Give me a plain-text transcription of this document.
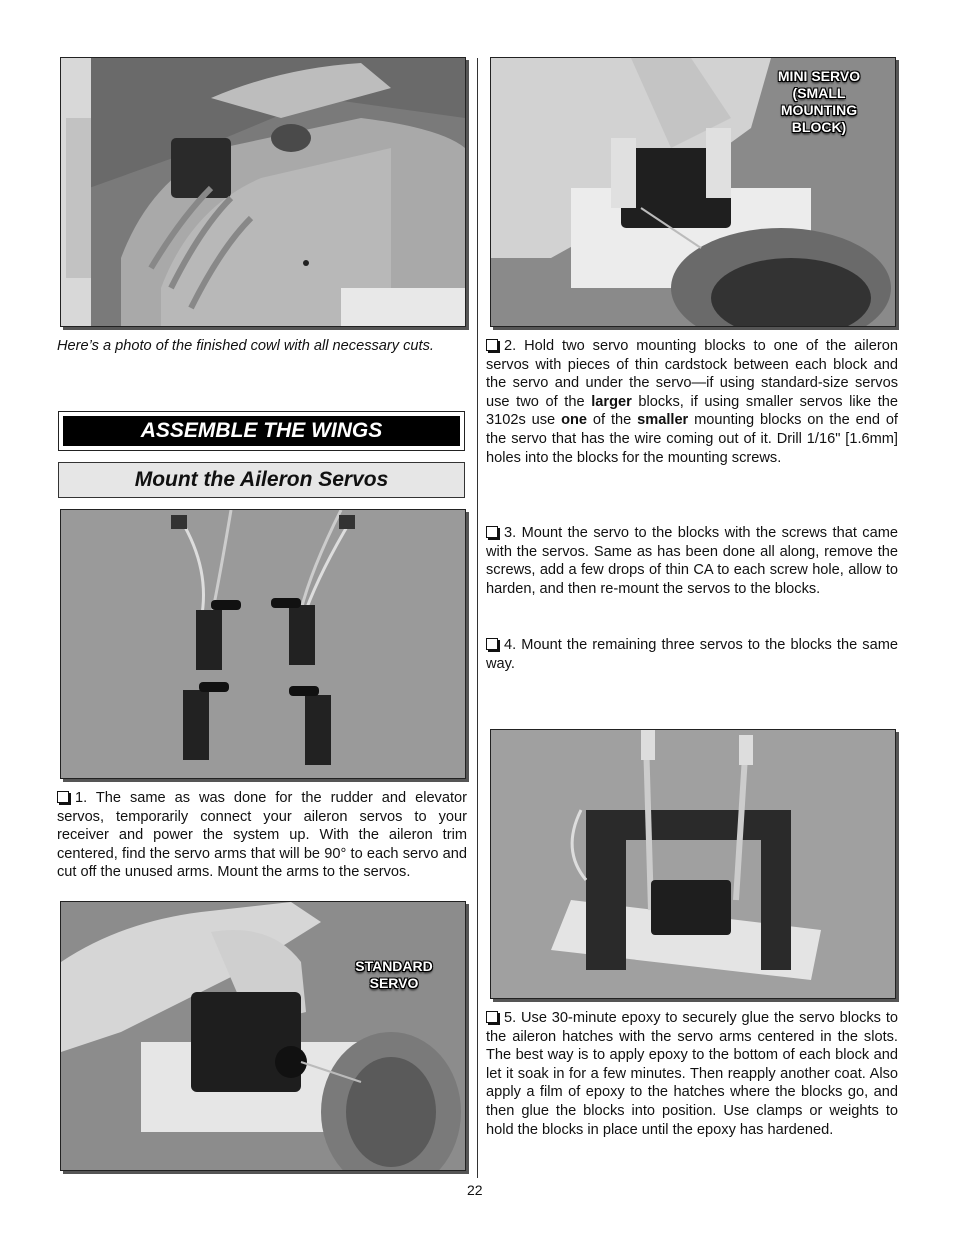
Here’s a photo of the finished cowl with all necessary cuts.
ASSEMBLE THE WINGS
Mount the Aileron Servos
1. The same as was done for the rudder and elevator servos, temporarily connect your aileron servos to your receiver and power the system up. With the aileron trim centered, find the servo arms that will be 90° to each servo and cut off the unused arms. Mount the arms to the servos.
STANDARD
SERVO
MINI SERVO
(SMALL
MOUNTING
BLOCK)
2. Hold two servo mounting blocks to one of the aileron servos with pieces of thin cardstock between each block and the servo and under the servo—if using standard-size servos use two of the larger blocks, if using smaller servos like the 3102s use one of the smaller mounting blocks on the end of the servo that has the wire coming out of it. Drill 1/16" [1.6mm] holes into the blocks for the mounting screws.
3. Mount the servo to the blocks with the screws that came with the servos. Same as has been done all along, remove the screws, add a few drops of thin CA to each screw hole, allow to harden, and then re-mount the servos to the blocks.
4. Mount the remaining three servos to the blocks the same way.
5. Use 30-minute epoxy to securely glue the servo blocks to the aileron hatches with the servo arms centered in the slots. The best way is to apply epoxy to the bottom of each block and let it soak in for a few minutes. Then reapply another coat. Also apply a film of epoxy to the hatches where the blocks go, and then glue the blocks into position. Use clamps or weights to hold the blocks in place until the epoxy has hardened.
22
